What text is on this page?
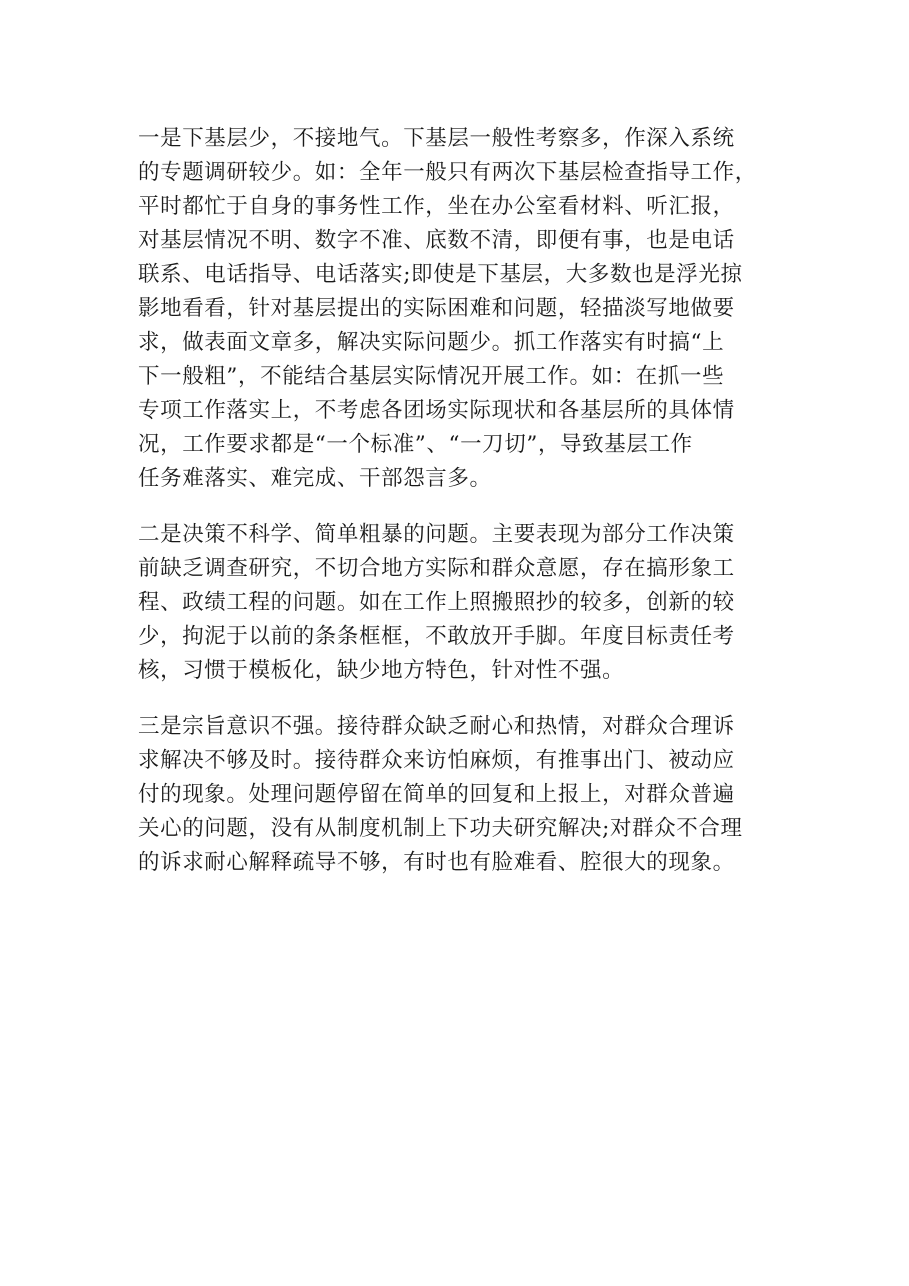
一是下基层少，不接地气。下基层一般性考察多，作深入系统
的专题调研较少。如：全年一般只有两次下基层检查指导工作，
平时都忙于自身的事务性工作，坐在办公室看材料、听汇报，
对基层情况不明、数字不准、底数不清，即便有事，也是电话
联系、电话指导、电话落实;即使是下基层，大多数也是浮光掠
影地看看，针对基层提出的实际困难和问题，轻描淡写地做要
求，做表面文章多，解决实际问题少。抓工作落实有时搞“上
下一般粗”，不能结合基层实际情况开展工作。如：在抓一些
专项工作落实上，不考虑各团场实际现状和各基层所的具体情
况，工作要求都是“一个标准”、“一刀切”，导致基层工作
任务难落实、难完成、干部怨言多。

二是决策不科学、简单粗暴的问题。主要表现为部分工作决策
前缺乏调查研究，不切合地方实际和群众意愿，存在搞形象工
程、政绩工程的问题。如在工作上照搬照抄的较多，创新的较
少，拘泥于以前的条条框框，不敢放开手脚。年度目标责任考
核，习惯于模板化，缺少地方特色，针对性不强。

三是宗旨意识不强。接待群众缺乏耐心和热情，对群众合理诉
求解决不够及时。接待群众来访怕麻烦，有推事出门、被动应
付的现象。处理问题停留在简单的回复和上报上，对群众普遍
关心的问题，没有从制度机制上下功夫研究解决;对群众不合理
的诉求耐心解释疏导不够，有时也有脸难看、腔很大的现象。
